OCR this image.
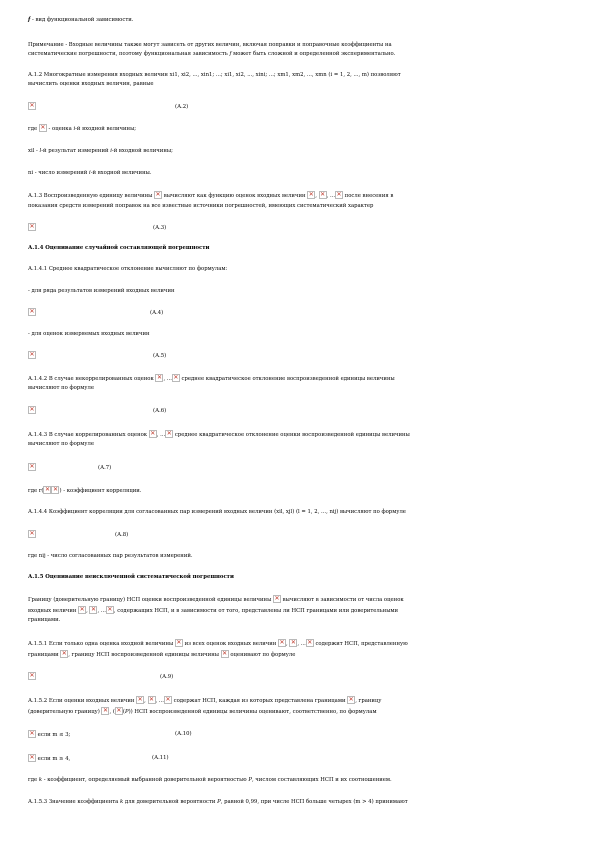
f - вид функциональной зависимости.
Примечание - Входные величины также могут зависеть от других величин, включая поправки и поправочные коэффициенты на
систематические погрешности, поэтому функциональная зависимость f может быть сложной и определенной экспериментально.
А.1.2 Многократные измерения входных величин xi1, xi2, ..., xin1; ...; xi1, xi2, ..., xini; ...; xm1, xm2, ..., xmn (i = 1, 2, ..., m) позволяют
вычислить оценки входных величин, равные
✕
(А.2)
где ✕ - оценка i-й входной величины;
xil - l-й результат измерений i-й входной величины;
ni - число измерений i-й входной величины.
А.1.3 Воспроизведенную единицу величины ✕ вычисляют как функцию оценок входных величин ✕, ✕, ...✕ после внесения в
показания средств измерений поправок на все известные источники погрешностей, имеющих систематический характер
✕
(А.3)
А.1.4 Оценивание случайной составляющей погрешности
А.1.4.1 Среднее квадратическое отклонение вычисляют по формулам:
- для ряда результатов измерений входных величин
✕
(А.4)
- для оценок измеряемых входных величин
✕
(А.5)
А.1.4.2 В случае некоррелированных оценок ✕, ...✕ среднее квадратическое отклонение воспроизведенной единицы величины
вычисляют по формуле
✕
(А.6)
А.1.4.3 В случае коррелированных оценок ✕, ...✕ среднее квадратическое отклонение оценки воспроизведенной единицы величины
вычисляют по формуле
✕
(А.7)
где r( ✕ ✕	) - коэффициент корреляции.
А.1.4.4 Коэффициент корреляции для согласованных пар измерений входных величин (xil, xjl) (l = 1, 2, ..., nij) вычисляют по формуле
✕
(А.8)
где nij - число согласованных пар результатов измерений.
А.1.5 Оценивание неисключенной систематической погрешности
Границу (доверительную границу) НСП оценки воспроизведенной единицы величины ✕ вычисляют в зависимости от числа оценок
входных величин ✕, ✕, ... ✕ , содержащих НСП, и в зависимости от того, представлены ли НСП границами или доверительными
границами.
А.1.5.1 Если только одна оценка входной величины ✕ из всех оценок входных величин ✕, ✕, ...✕ содержит НСП, представленную
границами ✕, границу НСП воспроизведенной единицы величины ✕ оценивают по формуле
✕
(А.9)
А.1.5.2 Если оценки входных величин ✕, ✕, ...✕ содержат НСП, каждая из которых представлена границами ✕, границу
(доверительную границу) ✕, ( ✕ (P)) НСП воспроизведенной единицы величины оценивают, соответственно, по формулам
✕ если m ≤ 3;	(А.10)
✕ если m ≥ 4,	(А.11)
где k - коэффициент, определяемый выбранной доверительной вероятностью P, числом составляющих НСП и их соотношением.
А.1.5.3 Значение коэффициента k для доверительной вероятности P, равной 0,99, при числе НСП больше четырех (m > 4) принимают
